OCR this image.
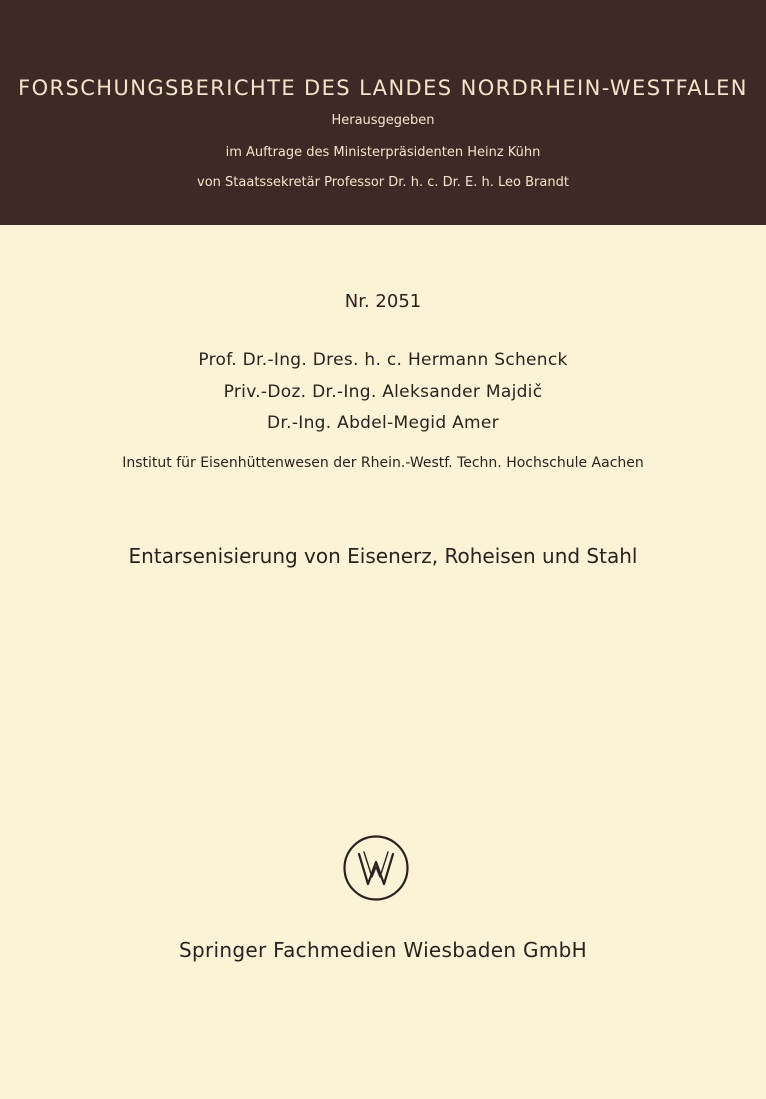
FORSCHUNGSBERICHTE DES LANDES NORDRHEIN-WESTFALEN
Herausgegeben
im Auftrage des Ministerpräsidenten Heinz Kühn
von Staatssekretär Professor Dr. h. c. Dr. E. h. Leo Brandt
Nr. 2051
Prof. Dr.-Ing. Dres. h. c. Hermann Schenck
Priv.-Doz. Dr.-Ing. Aleksander Majdič
Dr.-Ing. Abdel-Megid Amer
Institut für Eisenhüttenwesen der Rhein.-Westf. Techn. Hochschule Aachen
Entarsenisierung von Eisenerz, Roheisen und Stahl
Springer Fachmedien Wiesbaden GmbH
